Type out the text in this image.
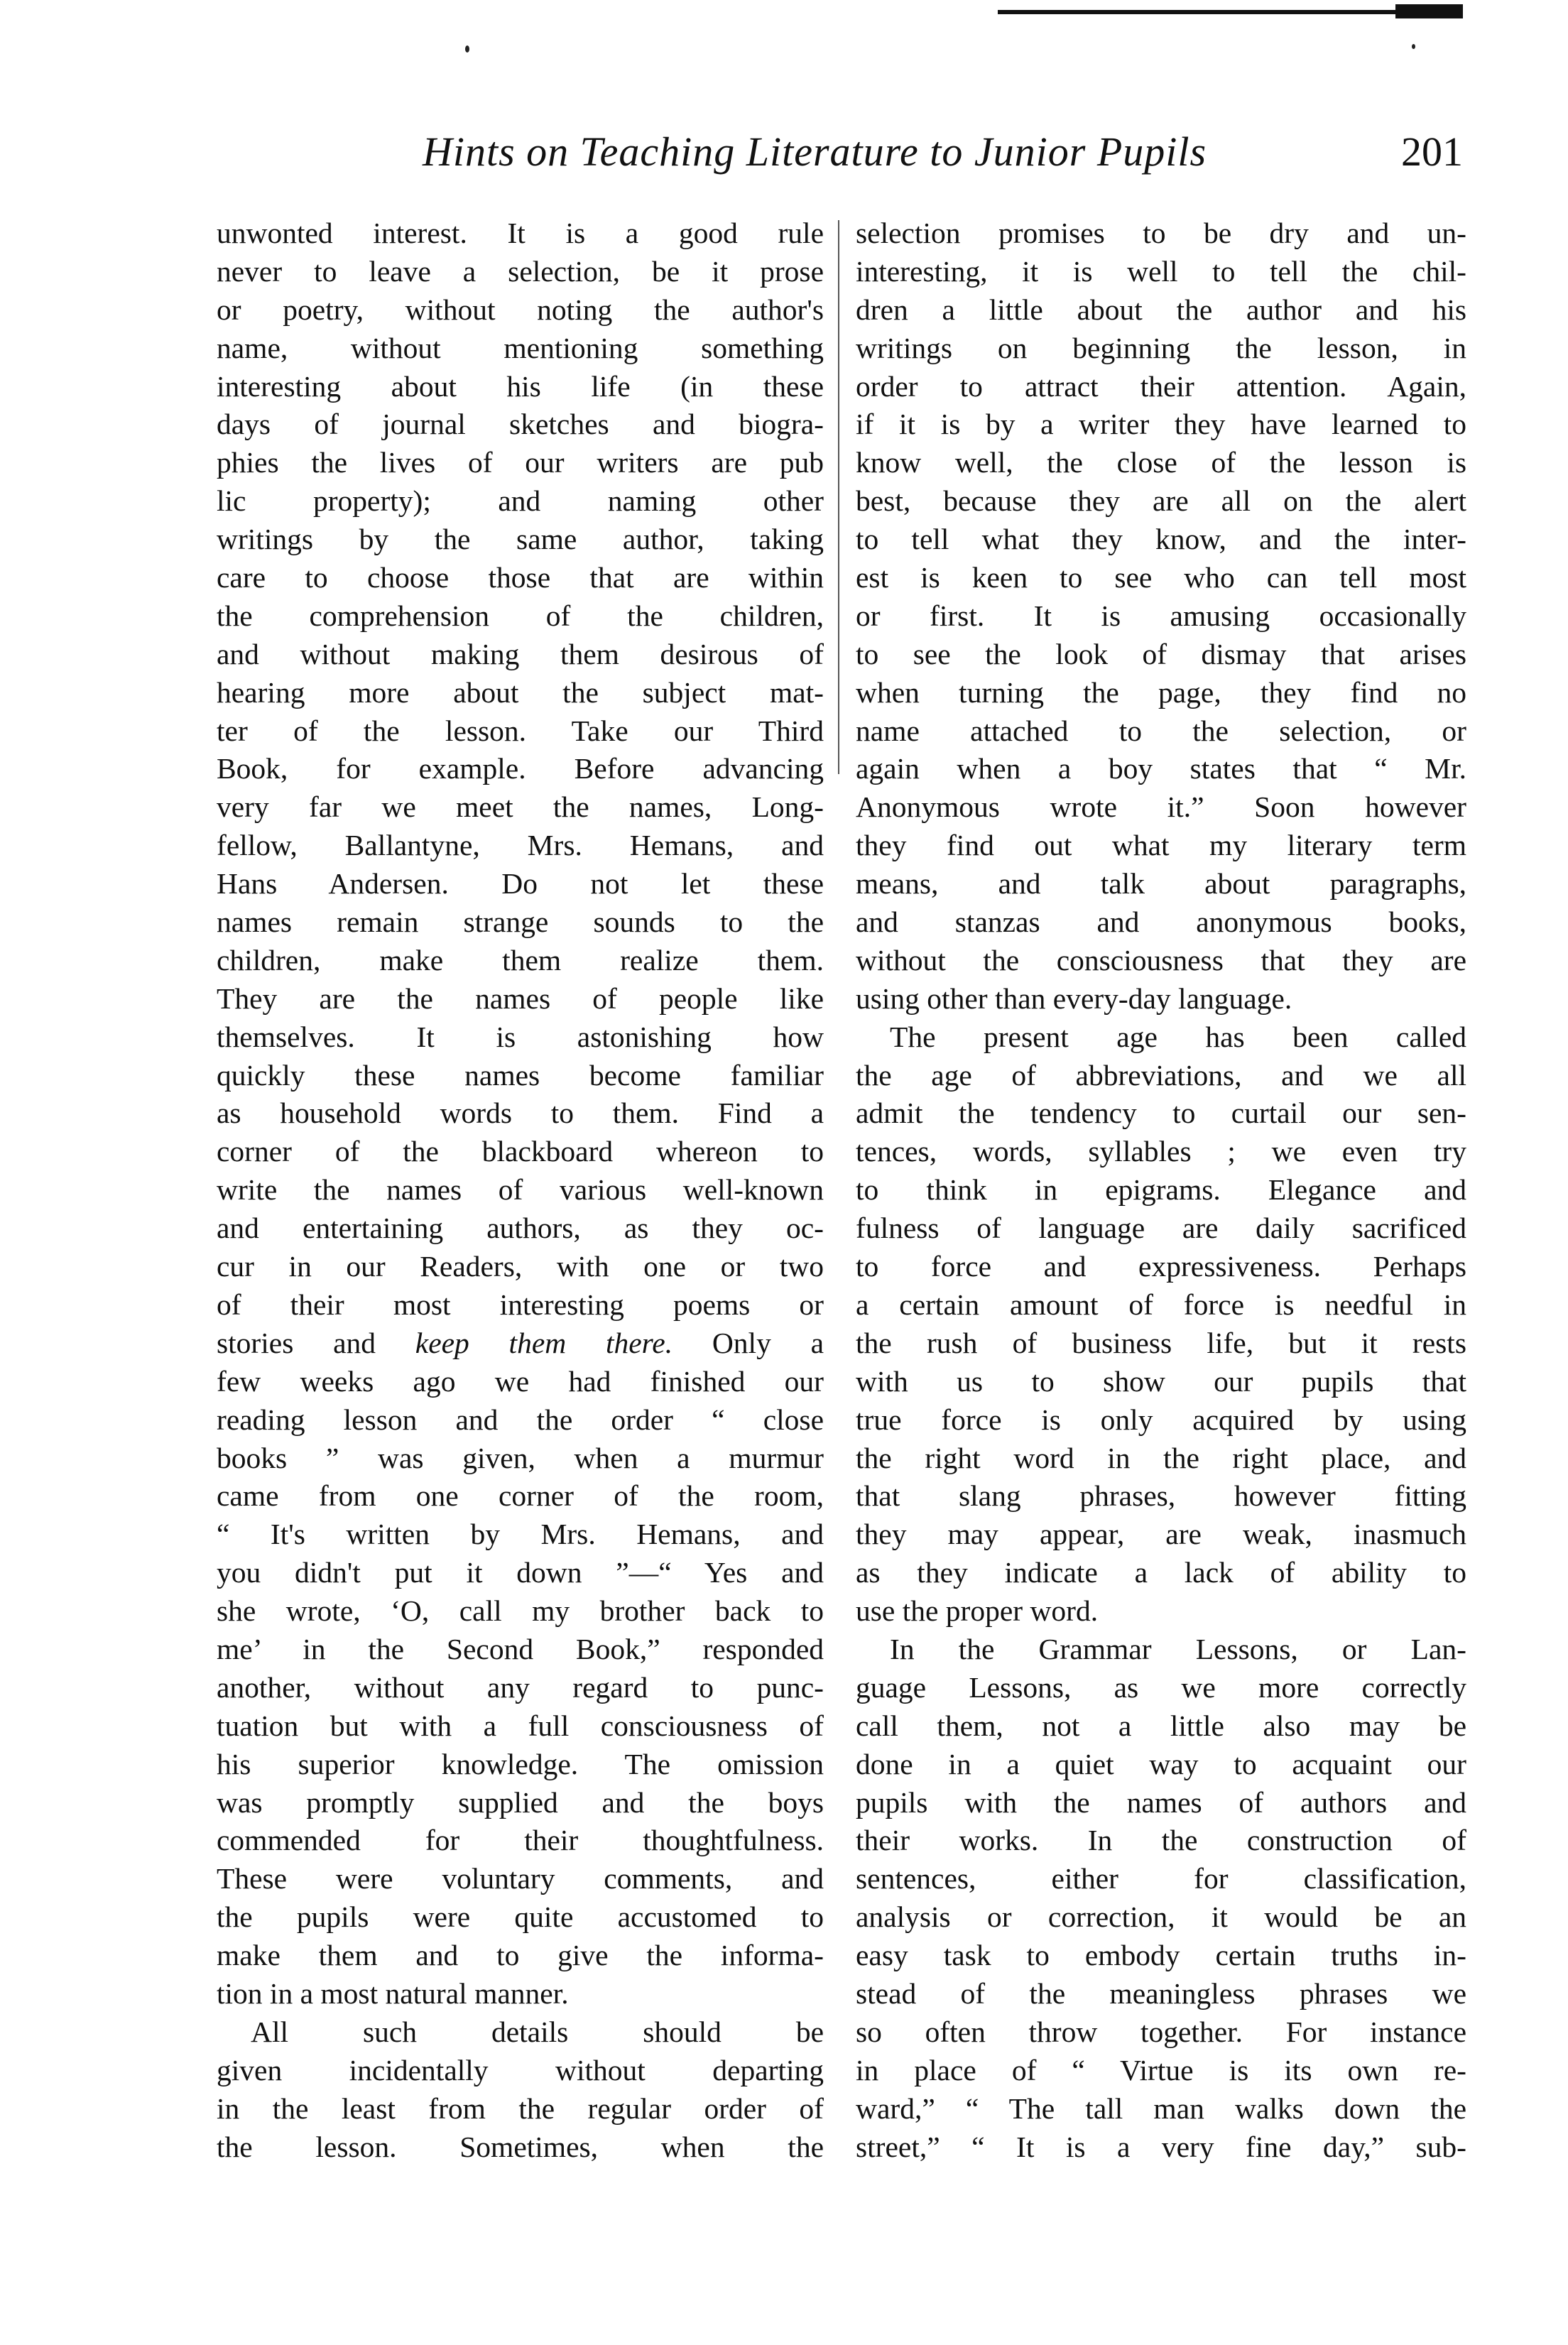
Hints on Teaching Literature to Junior Pupils	201
unwonted interest. It is a good rule
never to leave a selection, be it prose
or poetry, without noting the author's
name, without mentioning something
interesting about his life (in these
days of journal sketches and biogra-
phies the lives of our writers are pub
lic property); and naming other
writings by the same author, taking
care to choose those that are within
the comprehension of the children,
and without making them desirous of
hearing more about the subject mat-
ter of the lesson. Take our Third
Book, for example. Before advancing
very far we meet the names, Long-
fellow, Ballantyne, Mrs. Hemans, and
Hans Andersen. Do not let these
names remain strange sounds to the
children, make them realize them.
They are the names of people like
themselves. It is astonishing how
quickly these names become familiar
as household words to them. Find a
corner of the blackboard whereon to
write the names of various well-known
and entertaining authors, as they oc-
cur in our Readers, with one or two
of their most interesting poems or
stories and keep them there. Only a
few weeks ago we had finished our
reading lesson and the order “ close
books ” was given, when a murmur
came from one corner of the room,
“ It's written by Mrs. Hemans, and
you didn't put it down ”—“ Yes and
she wrote, ‘O, call my brother back to
me’ in the Second Book,” responded
another, without any regard to punc-
tuation but with a full consciousness of
his superior knowledge. The omission
was promptly supplied and the boys
commended for their thoughtfulness.
These were voluntary comments, and
the pupils were quite accustomed to
make them and to give the informa-
tion in a most natural manner.
All such details should be
given incidentally without departing
in the least from the regular order of
the lesson. Sometimes, when the
selection promises to be dry and un-
interesting, it is well to tell the chil-
dren a little about the author and his
writings on beginning the lesson, in
order to attract their attention. Again,
if it is by a writer they have learned to
know well, the close of the lesson is
best, because they are all on the alert
to tell what they know, and the inter-
est is keen to see who can tell most
or first. It is amusing occasionally
to see the look of dismay that arises
when turning the page, they find no
name attached to the selection, or
again when a boy states that “ Mr.
Anonymous wrote it.” Soon however
they find out what my literary term
means, and talk about paragraphs,
and stanzas and anonymous books,
without the consciousness that they are
using other than every-day language.
The present age has been called
the age of abbreviations, and we all
admit the tendency to curtail our sen-
tences, words, syllables ; we even try
to think in epigrams. Elegance and
fulness of language are daily sacrificed
to force and expressiveness. Perhaps
a certain amount of force is needful in
the rush of business life, but it rests
with us to show our pupils that
true force is only acquired by using
the right word in the right place, and
that slang phrases, however fitting
they may appear, are weak, inasmuch
as they indicate a lack of ability to
use the proper word.
In the Grammar Lessons, or Lan-
guage Lessons, as we more correctly
call them, not a little also may be
done in a quiet way to acquaint our
pupils with the names of authors and
their works. In the construction of
sentences, either for classification,
analysis or correction, it would be an
easy task to embody certain truths in-
stead of the meaningless phrases we
so often throw together. For instance
in place of “ Virtue is its own re-
ward,” “ The tall man walks down the
street,” “ It is a very fine day,” sub-
